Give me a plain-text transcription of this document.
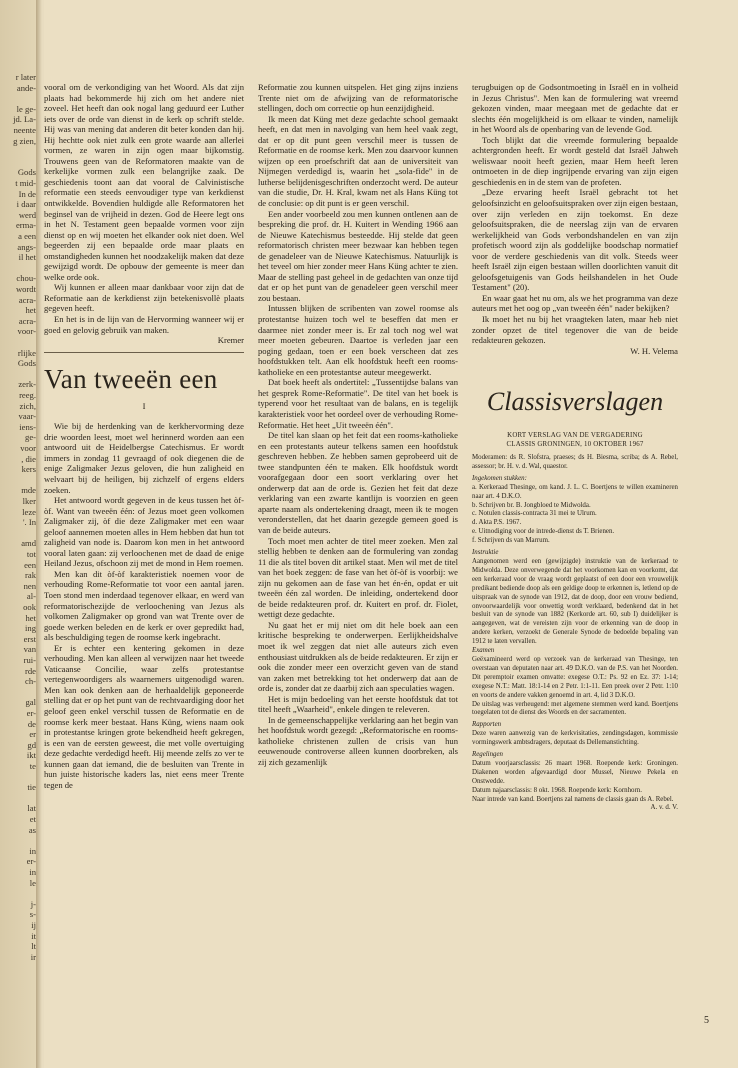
r later
ande-
le ge-
jd. La-
neente
g zien,
Gods
t mid-
In de
i daar
werd
erma-
a een
angs-
il het
chou-
wordt
acra-
het
acra-
voor-
rlijke
Gods
zerk-
reeg.
zich,
vaar-
iens-
ge-
voor
, die
kers
mde
lker
leze
'. In
amd
tot
een
rak
nen
al-
ook
het
ing
erst
van
rui-
rde
ch-
gal
er-
de
er
gd
ikt
te
tie
lat
et
as
in
er-
in
le
j-
s-
ij
it
lt
ir

vooral om de verkondiging van het Woord. Als dat zijn plaats had bekommerde hij zich om het andere niet zoveel. Het heeft dan ook nogal lang geduurd eer Luther iets over de orde van dienst in de kerk op schrift stelde. Hij was van mening dat anderen dit beter konden dan hij. Hij hechtte ook niet zulk een grote waarde aan allerlei vormen, ze waren in zijn ogen maar bijkomstig. Trouwens geen van de Reformatoren maakte van de kerkelijke vormen zulk een belangrijke zaak. De geschiedenis toont aan dat vooral de Calvinistische reformatie een steeds eenvoudiger type van kerkdienst ontwikkelde. Bovendien huldigde alle Reformatoren het beginsel van de vrijheid in dezen. God de Heere legt ons in het N. Testament geen bepaalde vormen voor zijn dienst op en wij moeten het elkander ook niet doen. Wel begeerden zij een bepaalde orde maar plaats en omstandigheden kunnen het noodzakelijk maken dat deze gewijzigd wordt. De opbouw der gemeente is meer dan welke orde ook.

Wij kunnen er alleen maar dankbaar voor zijn dat de Reformatie aan de kerkdienst zijn betekenisvollè plaats gegeven heeft.

En het is in de lijn van de Hervorming wanneer wij er goed en gelovig gebruik van maken.

Kremer

Van tweeën een
I

Wie bij de herdenking van de kerkhervorming deze drie woorden leest, moet wel herinnerd worden aan een antwoord uit de Heidelbergse Catechismus. Er wordt immers in zondag 11 gevraagd of ook diegenen die de enige Zaligmaker Jezus geloven, die hun zaligheid en welvaart bij de heiligen, bij zichzelf of ergens elders zoeken.

Het antwoord wordt gegeven in de keus tussen het òf-òf. Want van tweeën één: of Jezus moet geen volkomen Zaligmaker zij, òf die deze Zaligmaker met een waar geloof aannemen moeten alles in Hem hebben dat hun tot zaligheid van node is. Daarom kon men in het antwoord vooral laten gaan: zij verloochenen met de daad de enige Heiland Jezus, ofschoon zij met de mond in Hem roemen.

Men kan dit òf-òf karakteristiek noemen voor de verhouding Rome-Reformatie tot voor een aantal jaren. Toen stond men inderdaad tegenover elkaar, en werd van reformatorischezijde de verloochening van Jezus als volkomen Zaligmaker op grond van wat Trente over de goede werken beleden en de kerk er over gepredikt had, als beschuldiging tegen de roomse kerk ingebracht.

Er is echter een kentering gekomen in deze verhouding. Men kan alleen al verwijzen naar het tweede Vaticaanse Concilie, waar zelfs protestantse vertegenwoordigers als waarnemers uitgenodigd waren. Men kan ook denken aan de herhaaldelijk geponeerde stelling dat er op het punt van de rechtvaardiging door het geloof geen enkel verschil tussen de Reformatie en de roomse kerk meer bestaat. Hans Küng, wiens naam ook in protestantse kringen grote bekendheid heeft gekregen, is een van de eersten geweest, die met volle overtuiging deze gedachte verdedigd heeft. Hij meende zelfs zo ver te kunnen gaan dat iemand, die de besluiten van Trente in hun juiste historische kaders las, niet eens meer Trente tegen de

Reformatie zou kunnen uitspelen. Het ging zijns inziens Trente niet om de afwijzing van de reformatorische stellingen, doch om correctie op hun eenzijdigheid.

Ik meen dat Küng met deze gedachte school gemaakt heeft, en dat men in navolging van hem heel vaak zegt, dat er op dit punt geen verschil meer is tussen de Reformatie en de roomse kerk. Men zou daarvoor kunnen wijzen op een proefschrift dat aan de universiteit van Nijmegen verdedigd is, waarin het „sola-fide" in de lutherse belijdenisgeschriften onderzocht werd. De auteur van die studie, Dr. H. Kral, kwam net als Hans Küng tot de conclusie: op dit punt is er geen verschil.

Een ander voorbeeld zou men kunnen ontlenen aan de bespreking die prof. dr. H. Kuitert in Wending 1966 aan de Nieuwe Katechismus besteedde. Hij stelde dat geen reformatorisch christen meer bezwaar kan hebben tegen de genadeleer van de Nieuwe Katechismus. Natuurlijk is het teveel om hier zonder meer Hans Küng achter te zien. Maar de stelling past geheel in de gedachten van onze tijd dat er op het punt van de genadeleer geen verschil meer zou bestaan.

Intussen blijken de scribenten van zowel roomse als protestantse huizen toch wel te beseffen dat men er daarmee niet zonder meer is. Er zal toch nog wel wat meer moeten gebeuren. Daartoe is verleden jaar een poging gedaan, toen er een boek verscheen dat zes hoofdstukken telt. Aan elk hoofdstuk heeft een rooms-katholieke en een protestantse auteur meegewerkt.

Dat boek heeft als ondertitel: „Tussentijdse balans van het gesprek Rome-Reformatie". De titel van het boek is typerend voor het resultaat van de balans, en is tegelijk karakteristiek voor het oordeel over de verhouding Rome-Reformatie. Het heet „Uit tweeën één".

De titel kan slaan op het feit dat een rooms-katholieke en een protestants auteur telkens samen een hoofdstuk geschreven hebben. Ze hebben samen geprobeerd uit de twee standpunten één te maken. Elk hoofdstuk wordt voorafgegaan door een soort verklaring over het onderwerp dat aan de orde is. Gezien het feit dat deze verklaring van een zwarte kantlijn is voorzien en geen aparte naam als ondertekening draagt, meen ik te mogen veronderstellen, dat het daarin gezegde gemeen goed is van de beide auteurs.

Toch moet men achter de titel meer zoeken. Men zal stellig hebben te denken aan de formulering van zondag 11 die als titel boven dit artikel staat. Men wil met de titel van het boek zeggen: de fase van het òf-òf is voorbij: we zijn nu gekomen aan de fase van het én-én, opdat er uit tweeën één zal worden. De inleiding, ondertekend door de beide redakteuren prof. dr. Kuitert en prof. dr. Fiolet, wettigt deze gedachte.

Nu gaat het er mij niet om dit hele boek aan een kritische bespreking te onderwerpen. Eerlijkheidshalve moet ik wel zeggen dat niet alle auteurs zich even enthousiast uitdrukken als de beide redakteuren. Er zijn er ook die zonder meer een overzicht geven van de stand van zaken met betrekking tot het onderwerp dat aan de orde is, zonder dat ze daarbij zich aan speculaties wagen.

Het is mijn bedoeling van het eerste hoofdstuk dat tot titel heeft „Waarheid", enkele dingen te releveren.

In de gemeenschappelijke verklaring aan het begin van het hoofdstuk wordt gezegd: „Reformatorische en rooms-katholieke christenen zullen de crisis van hun eeuwenoude controverse alleen kunnen doorbreken, als zij zich gezamenlijk

terugbuigen op de Godsontmoeting in Israël en in volheid in Jezus Christus". Men kan de formulering wat vreemd gekozen vinden, maar meegaan met de gedachte dat er slechts één mogelijkheid is om elkaar te vinden, namelijk in het Woord als de openbaring van de levende God.

Toch blijkt dat die vreemde formulering bepaalde achtergronden heeft. Er wordt gesteld dat Israël Jahweh weliswaar nooit heeft gezien, maar Hem heeft leren ontmoeten in de diep ingrijpende ervaring van zijn eigen geschiedenis en in de stem van de profeten.

„Deze ervaring heeft Israël gebracht tot het geloofsinzicht en geloofsuitspraken over zijn eigen bestaan, over zijn verleden en zijn toekomst. En deze geloofsuitspraken, die de neerslag zijn van de ervaren werkelijkheid van Gods verbondshandelen en van zijn profetisch woord zijn als goddelijke boodschap normatief voor de verdere geschiedenis van dit volk. Steeds weer heeft Israël zijn eigen bestaan willen doorlichten vanuit dit geloofsgetuigenis van Gods heilshandelen in het Oude Testament" (20).

En waar gaat het nu om, als we het programma van deze auteurs met het oog op „van tweeën één" nader bekijken?

Ik moet het nu bij het vraagteken laten, maar heb niet zonder opzet de titel tegenover die van de beide redakteuren gekozen.

W. H. Velema

Classisverslagen

KORT VERSLAG VAN DE VERGADERING

CLASSIS GRONINGEN, 10 OKTOBER 1967

Moderamen: ds R. Slofstra, praeses; ds H. Biesma, scriba; ds A. Rebel, assessor; br. H. v. d. Wal, quaestor.

Ingekomen stukken:

a. Kerkeraad Thesinge, om kand. J. L. C. Boertjens te willen examineren naar art. 4 D.K.O.

b. Schrijven br. B. Jongbloed te Midwolda.

c. Notulen classis-contracta 31 mei te Ulrum.

d. Akta P.S. 1967.

e. Uitnodiging voor de intrede-dienst ds T. Brienen.

f. Schrijven ds van Marrum.

Instruktie

Aangenomen werd een (gewijzigde) instruktie van de kerkeraad te Midwolda. Deze onverwegende dat het voorkomen kan en voorkomt, dat een kerkeraad voor de vraag wordt geplaatst of een door een vrouwelijk predikant bediende doop als een geldige doop te erkennen is, letlend op de uitspraak van de synode van 1912, dat de doop, door een vrouw bediend, onvoorwaardelijk voor onwettig wordt verklaard, bedenkend dat in het besluit van de synode van 1882 (Kerkorde art. 60, sub I) duidelijker is aangegeven, wat de vereisten zijn voor de erkenning van de doop in andere kerken, verzoekt de Generale Synode de bedoelde bepaling van 1912 te laten vervallen.

Examen

Geëxamineerd werd op verzoek van de kerkeraad van Thesinge, ten overstaan van deputaten naar art. 49 D.K.O. van de P.S. van het Noorden. Dit peremptoir examen omvatte: exegese O.T.: Ps. 92 en Ez. 37: 1-14; exegese N.T.: Matt. 18:1-14 en 2 Petr. 1:1-11. Een preek over 2 Petr. 1:10 en voorts de andere vakken genoemd in art. 4, lid 3 D.K.O.

De uitslag was verheugend: met algemene stemmen werd kand. Boertjens toegelaten tot de dienst des Woords en der sacramenten.

Rapporten

Deze waren aanwezig van de kerkvisitaties, zendingsdagen, kommissie vormingswerk ambtsdragers, deputaat ds Dellemanstichting.

Regelingen

Datum voorjaarsclassis: 26 maart 1968. Roepende kerk: Groningen. Diakenen worden afgevaardigd door Mussel, Nieuwe Pekela en Onstwedde.

Datum najaarsclassis: 8 okt. 1968. Roepende kerk: Kornhorn.

Naar intrede van kand. Boertjens zal namens de classis gaan ds A. Rebel.

A. v. d. V.

5
